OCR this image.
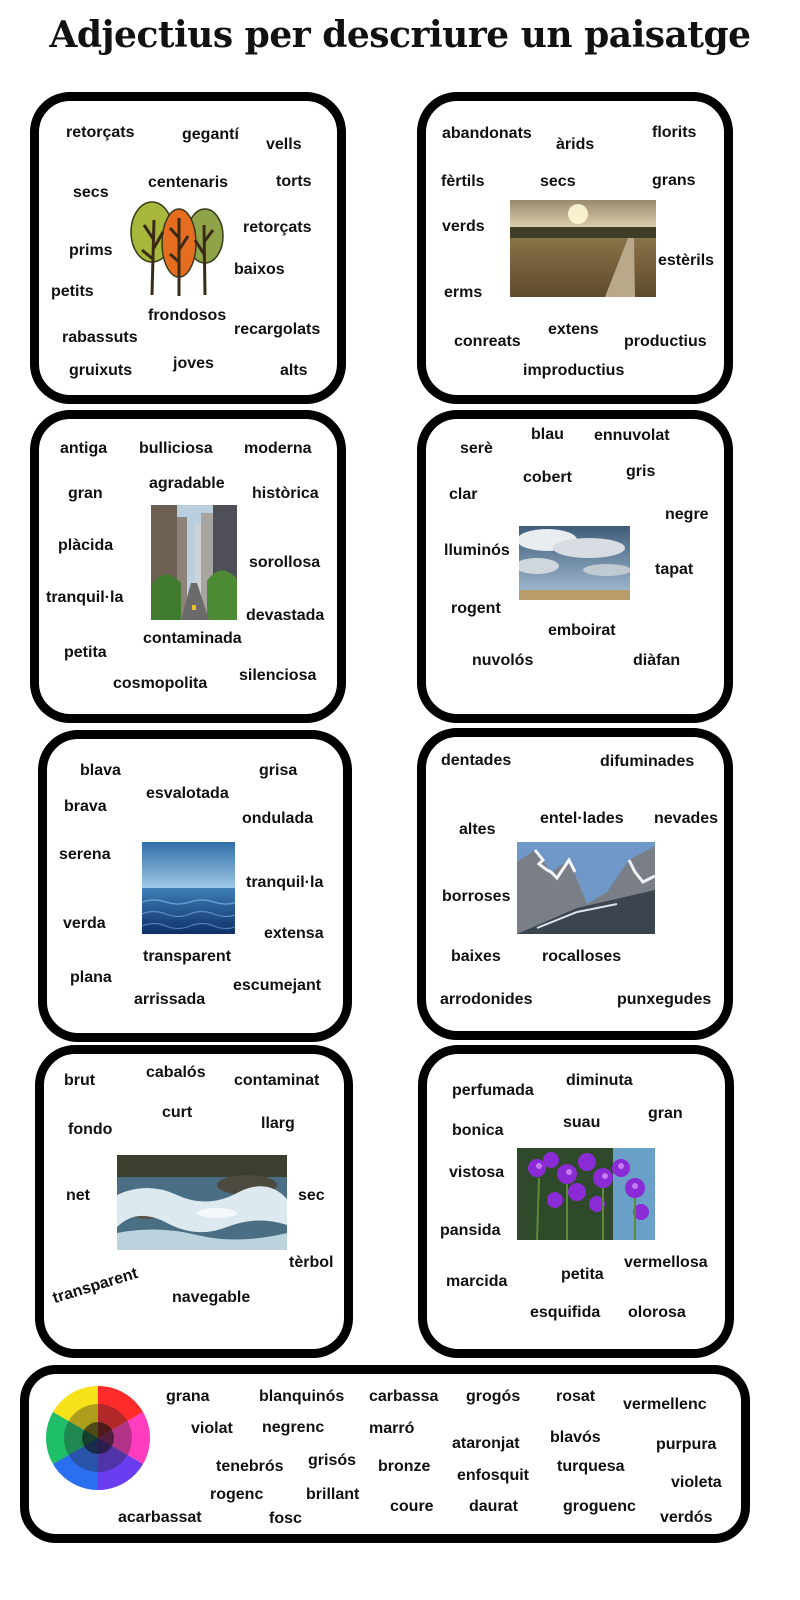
Adjectius per descriure un paisatge
retorçats	gegantí
vells
secs
centenaris	torts
retorçats
prims
baixos
petits
frondosos
recargolats
rabassuts
gruixuts	joves	alts
abandonats
àrids
florits
fèrtils	secs	grans
verds
estèrils
erms
extens
conreats	productius
improductius
antiga bulliciosa moderna
gran
agradable
històrica
plàcida
sorollosa
tranquil·la
devastada
contaminada
petita
silenciosa
cosmopolita
serè
blau ennuvolat
gris
clar
cobert
negre
lluminós
tapat
rogent
emboirat
nuvolós	diàfan
blava	grisa
brava
esvalotada
ondulada
serena
tranquil·la
verda
extensa
transparent
plana	escumejant
arrissada
dentades	difuminades
altes
entel·lades nevades
borroses
baixes	rocalloses
arrodonides	punxegudes
brut	cabalós contaminat
curt
fondo	llarg
net	sec
tèrbol
transparent navegable
perfumada
diminuta
gran
suau
bonica
vistosa
pansida
vermellosa
petita
marcida
esquifida olorosa
grana	blanquinós carbassa grogós rosat vermellenc
violat negrenc	marró
ataronjat blavós	purpura
tenebrós grisós bronze
enfosquit
turquesa
violeta
rogenc	brillant
coure daurat	groguenc
verdós
acarbassat	fosc
